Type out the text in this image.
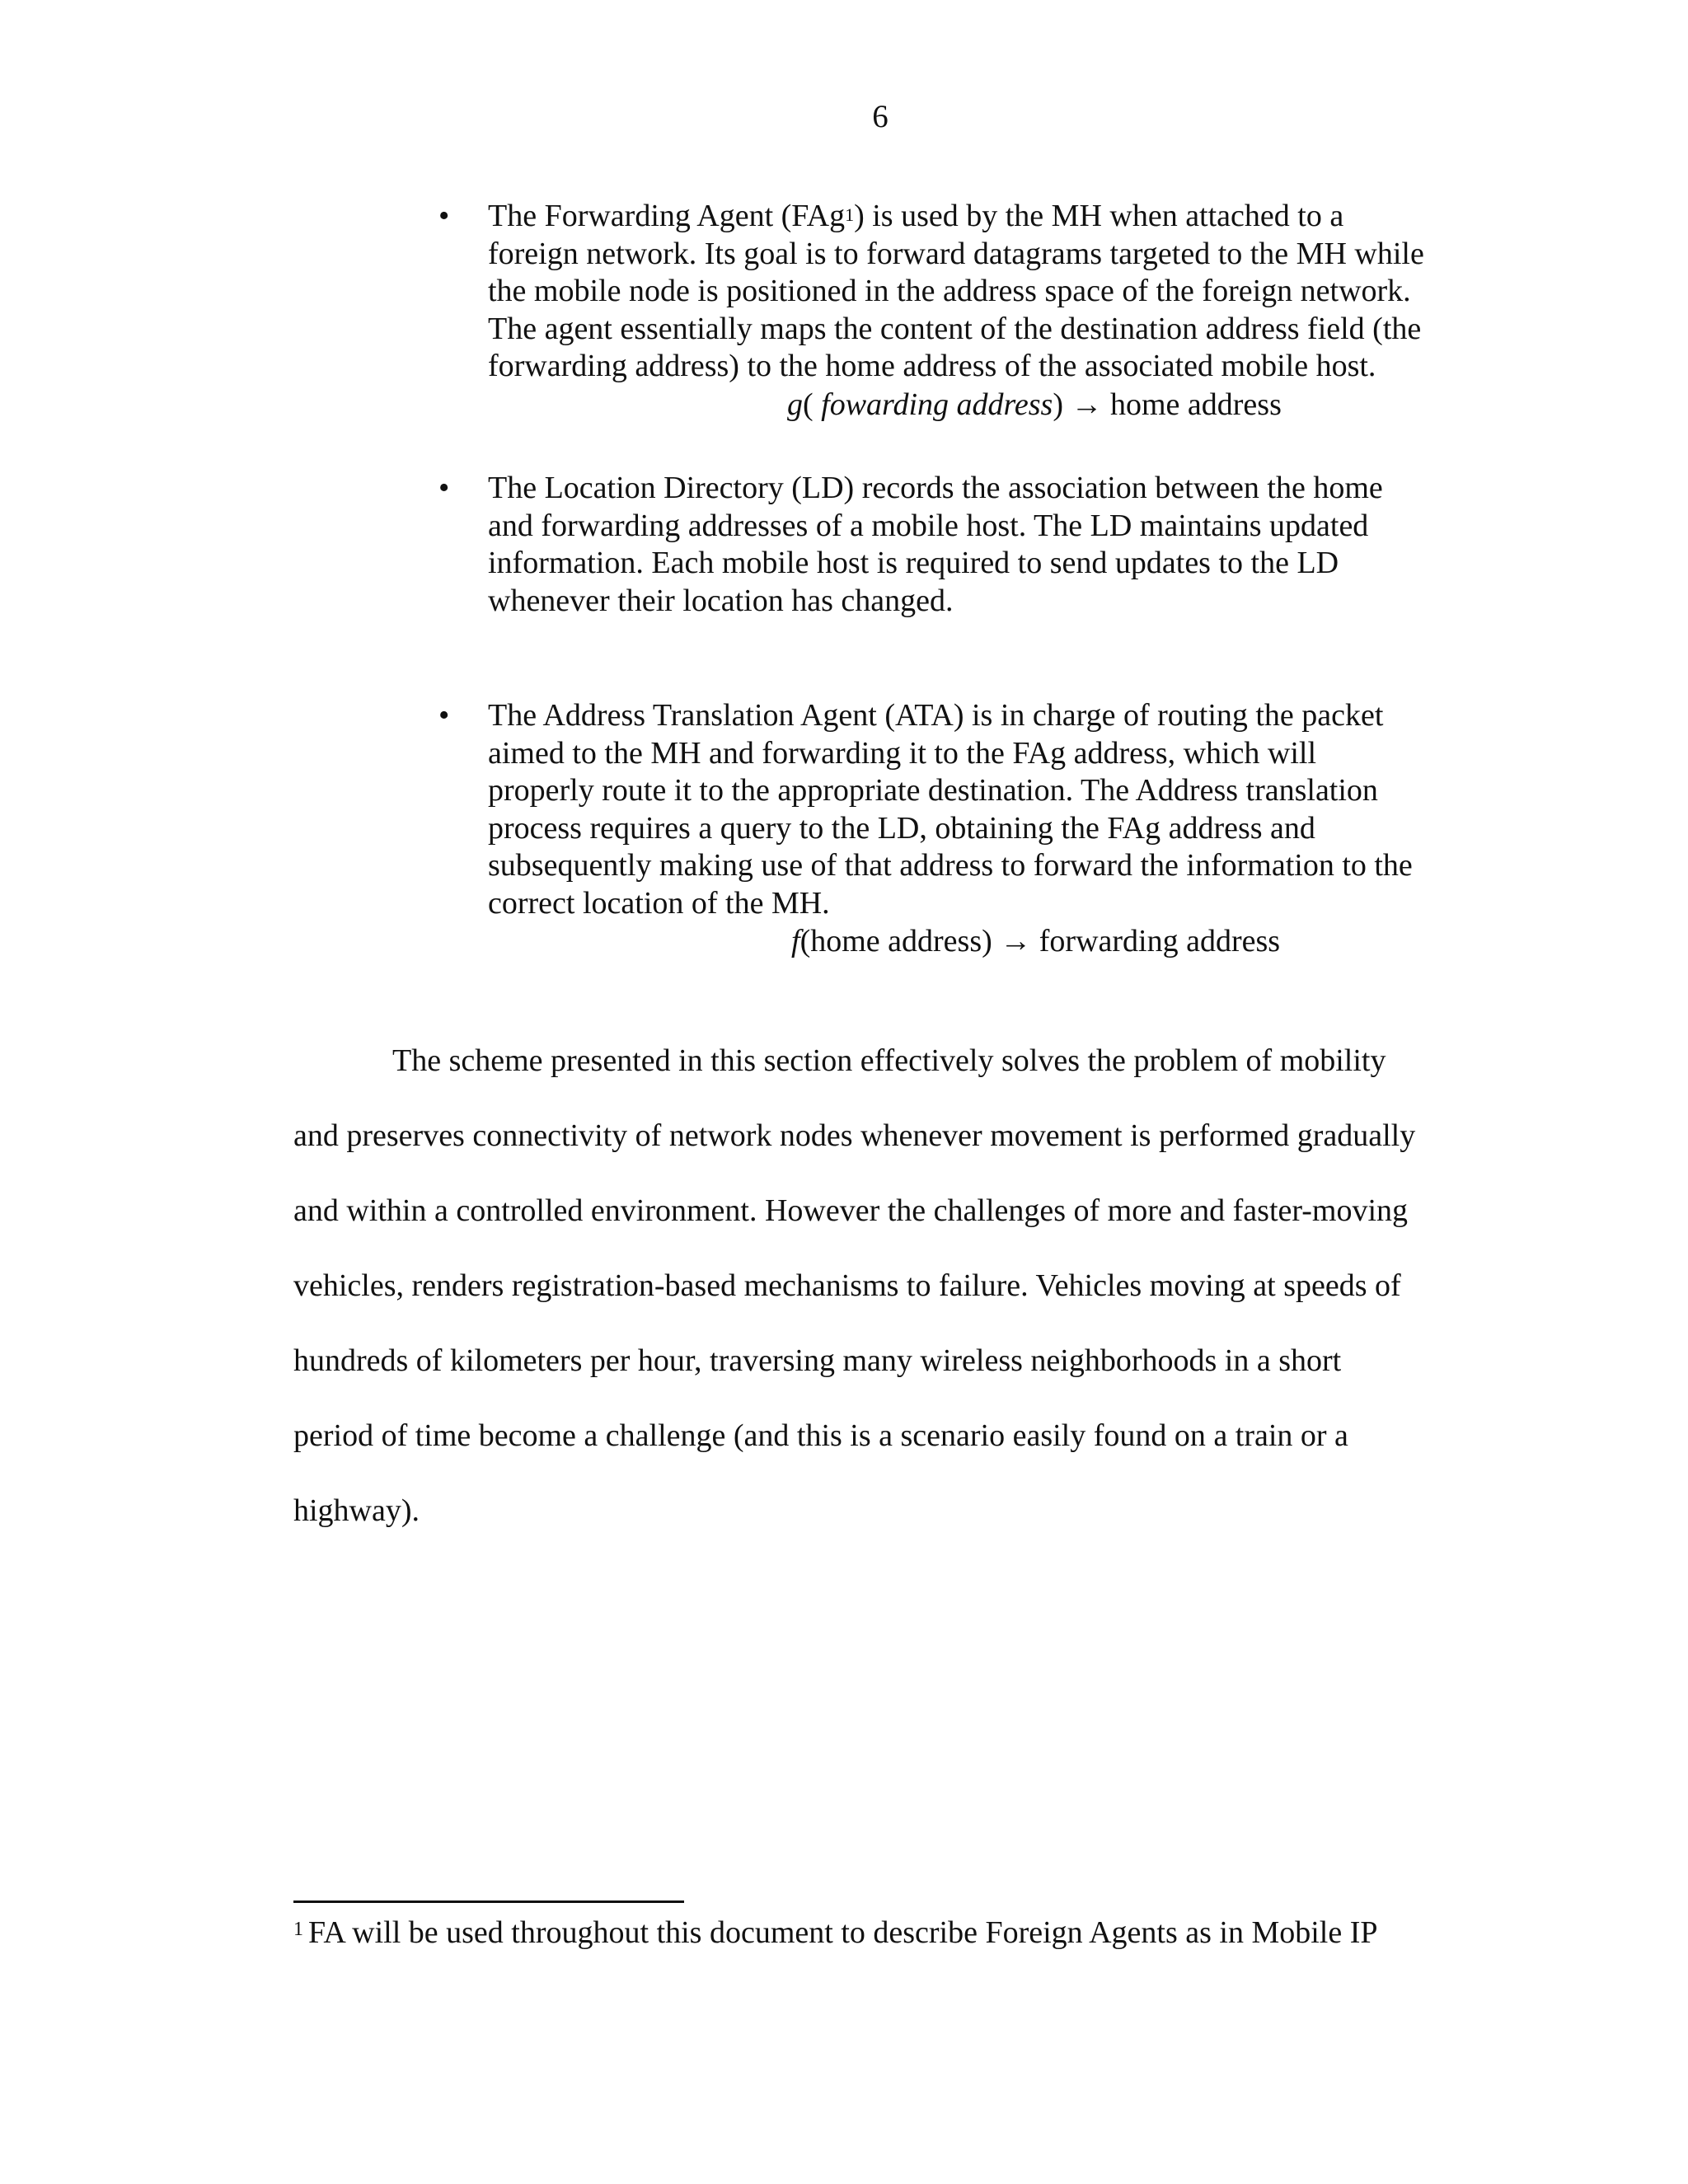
6
• The Forwarding Agent (FAg$^1$) is used by the MH when attached to a
foreign network. Its goal is to forward datagrams targeted to the MH while
the mobile node is positioned in the address space of the foreign network.
The agent essentially maps the content of the destination address field (the
forwarding address) to the home address of the associated mobile host.
g( fowarding address) → home address
• The Location Directory (LD) records the association between the home
and forwarding addresses of a mobile host. The LD maintains updated
information. Each mobile host is required to send updates to the LD
whenever their location has changed.
• The Address Translation Agent (ATA) is in charge of routing the packet
aimed to the MH and forwarding it to the FAg address, which will
properly route it to the appropriate destination. The Address translation
process requires a query to the LD, obtaining the FAg address and
subsequently making use of that address to forward the information to the
correct location of the MH.
f(home address) → forwarding address
The scheme presented in this section effectively solves the problem of mobility
and preserves connectivity of network nodes whenever movement is performed gradually
and within a controlled environment. However the challenges of more and faster-moving
vehicles, renders registration-based mechanisms to failure. Vehicles moving at speeds of
hundreds of kilometers per hour, traversing many wireless neighborhoods in a short
period of time become a challenge (and this is a scenario easily found on a train or a
highway).
$^1$ FA will be used throughout this document to describe Foreign Agents as in Mobile IP
